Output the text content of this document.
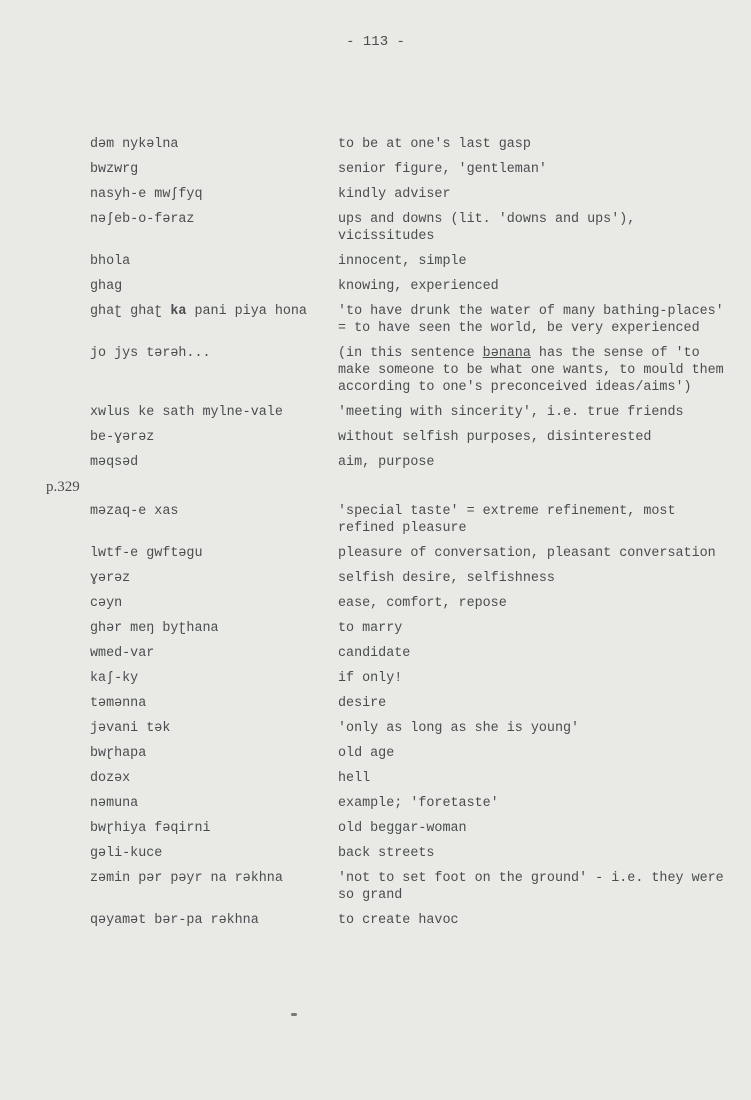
- 113 -
dəm nykəlna	to be at one's last gasp
bwzwrg	senior figure, 'gentleman'
nasyh-e mwʃfyq	kindly adviser
nəʃeb-o-fəraz	ups and downs (lit. 'downs and ups'), vicissitudes
bhola	innocent, simple
ghag	knowing, experienced
ghaʈ ghaʈ ka pani piya hona	'to have drunk the water of many bathing-places' = to have seen the world, be very experienced
jo jys tərəh...	(in this sentence bənana has the sense of 'to make someone to be what one wants, to mould them according to one's preconceived ideas/aims')
xwlus ke sath mylne-vale	'meeting with sincerity', i.e. true friends
be-ɣərəz	without selfish purposes, disinterested
məqsəd	aim, purpose
p.329
məzaq-e xas	'special taste' = extreme refinement, most refined pleasure
lwtf-e gwftəgu	pleasure of conversation, pleasant conversation
ɣərəz	selfish desire, selfishness
cəyn	ease, comfort, repose
ghər meŋ byʈhana	to marry
wmed-var	candidate
kaʃ-ky	if only!
təmənna	desire
jəvani tək	'only as long as she is young'
bwɽhapa	old age
dozəx	hell
nəmuna	example; 'foretaste'
bwɽhiya fəqirni	old beggar-woman
gəli-kuce	back streets
zəmin pər pəyr na rəkhna	'not to set foot on the ground' - i.e. they were so grand
qəyamət bər-pa rəkhna	to create havoc
